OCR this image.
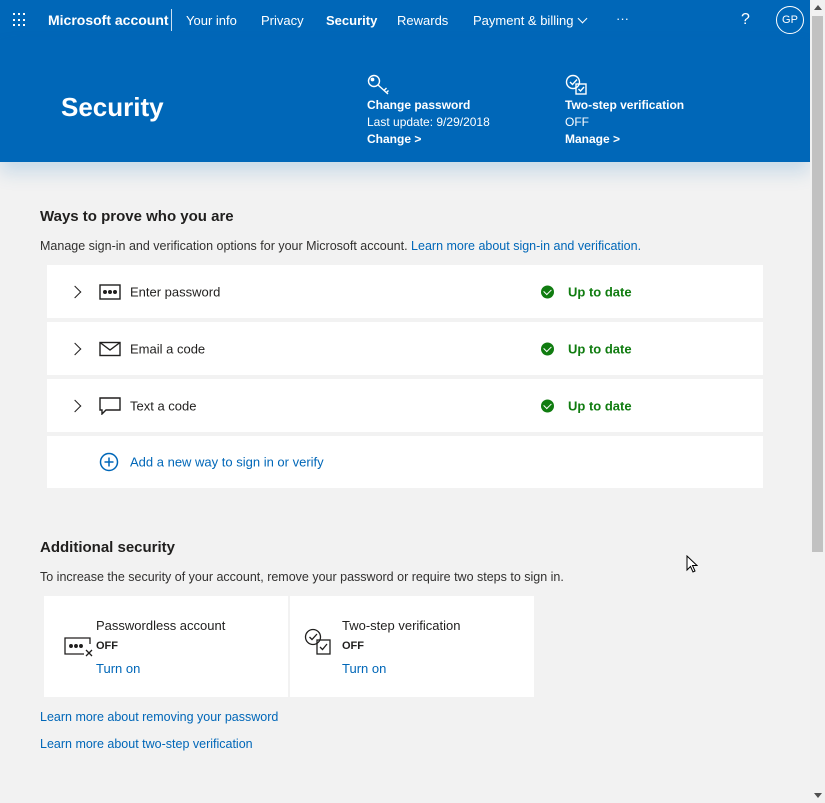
Microsoft account Your info Privacy Security Rewards Payment & billing	···	?	GP
Security	Change password
Last update: 9/29/2018
Change >
Two-step verification
OFF
Manage >
Ways to prove who you are
Manage sign-in and verification options for your Microsoft account. Learn more about sign-in and verification.
Enter password	Up to date
Email a code	Up to date
Text a code	Up to date
Add a new way to sign in or verify
Additional security
To increase the security of your account, remove your password or require two steps to sign in.
Passwordless account
OFF
Turn on
Two-step verification
OFF
Turn on
Learn more about removing your password
Learn more about two-step verification
